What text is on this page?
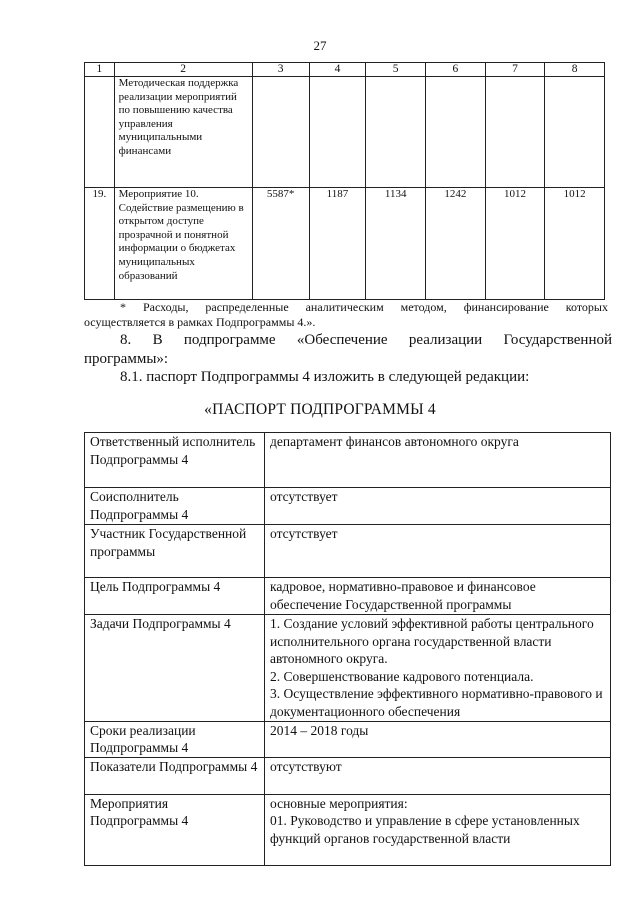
27
1	2	3	4	5	6	7	8
	Методическая поддержка реализации мероприятий по повышению качества управления муниципальными финансами						
19.	Мероприятие 10. Содействие размещению в открытом доступе прозрачной и понятной информации о бюджетах муниципальных образований	5587*	1187	1134	1242	1012	1012
* Расходы, распределенные аналитическим методом, финансирование которых
осуществляется в рамках Подпрограммы 4.».
8. В подпрограмме «Обеспечение реализации Государственной
программы»:
8.1. паспорт Подпрограммы 4 изложить в следующей редакции:
«ПАСПОРТ ПОДПРОГРАММЫ 4
Ответственный исполнитель Подпрограммы 4	департамент финансов автономного округа

Соисполнитель Подпрограммы 4	отсутствует

Участник Государственной программы	отсутствует

Цель Подпрограммы 4	кадровое, нормативно-правовое и финансовое обеспечение Государственной программы

Задачи Подпрограммы 4	1. Создание условий эффективной работы центрального исполнительного органа государственной власти автономного округа.
2. Совершенствование кадрового потенциала.
3. Осуществление эффективного нормативно-правового и документационного обеспечения

Сроки реализации Подпрограммы 4	2014 – 2018 годы

Показатели Подпрограммы 4	отсутствуют

Мероприятия Подпрограммы 4	основные мероприятия:
01. Руководство и управление в сфере установленных функций органов государственной власти
